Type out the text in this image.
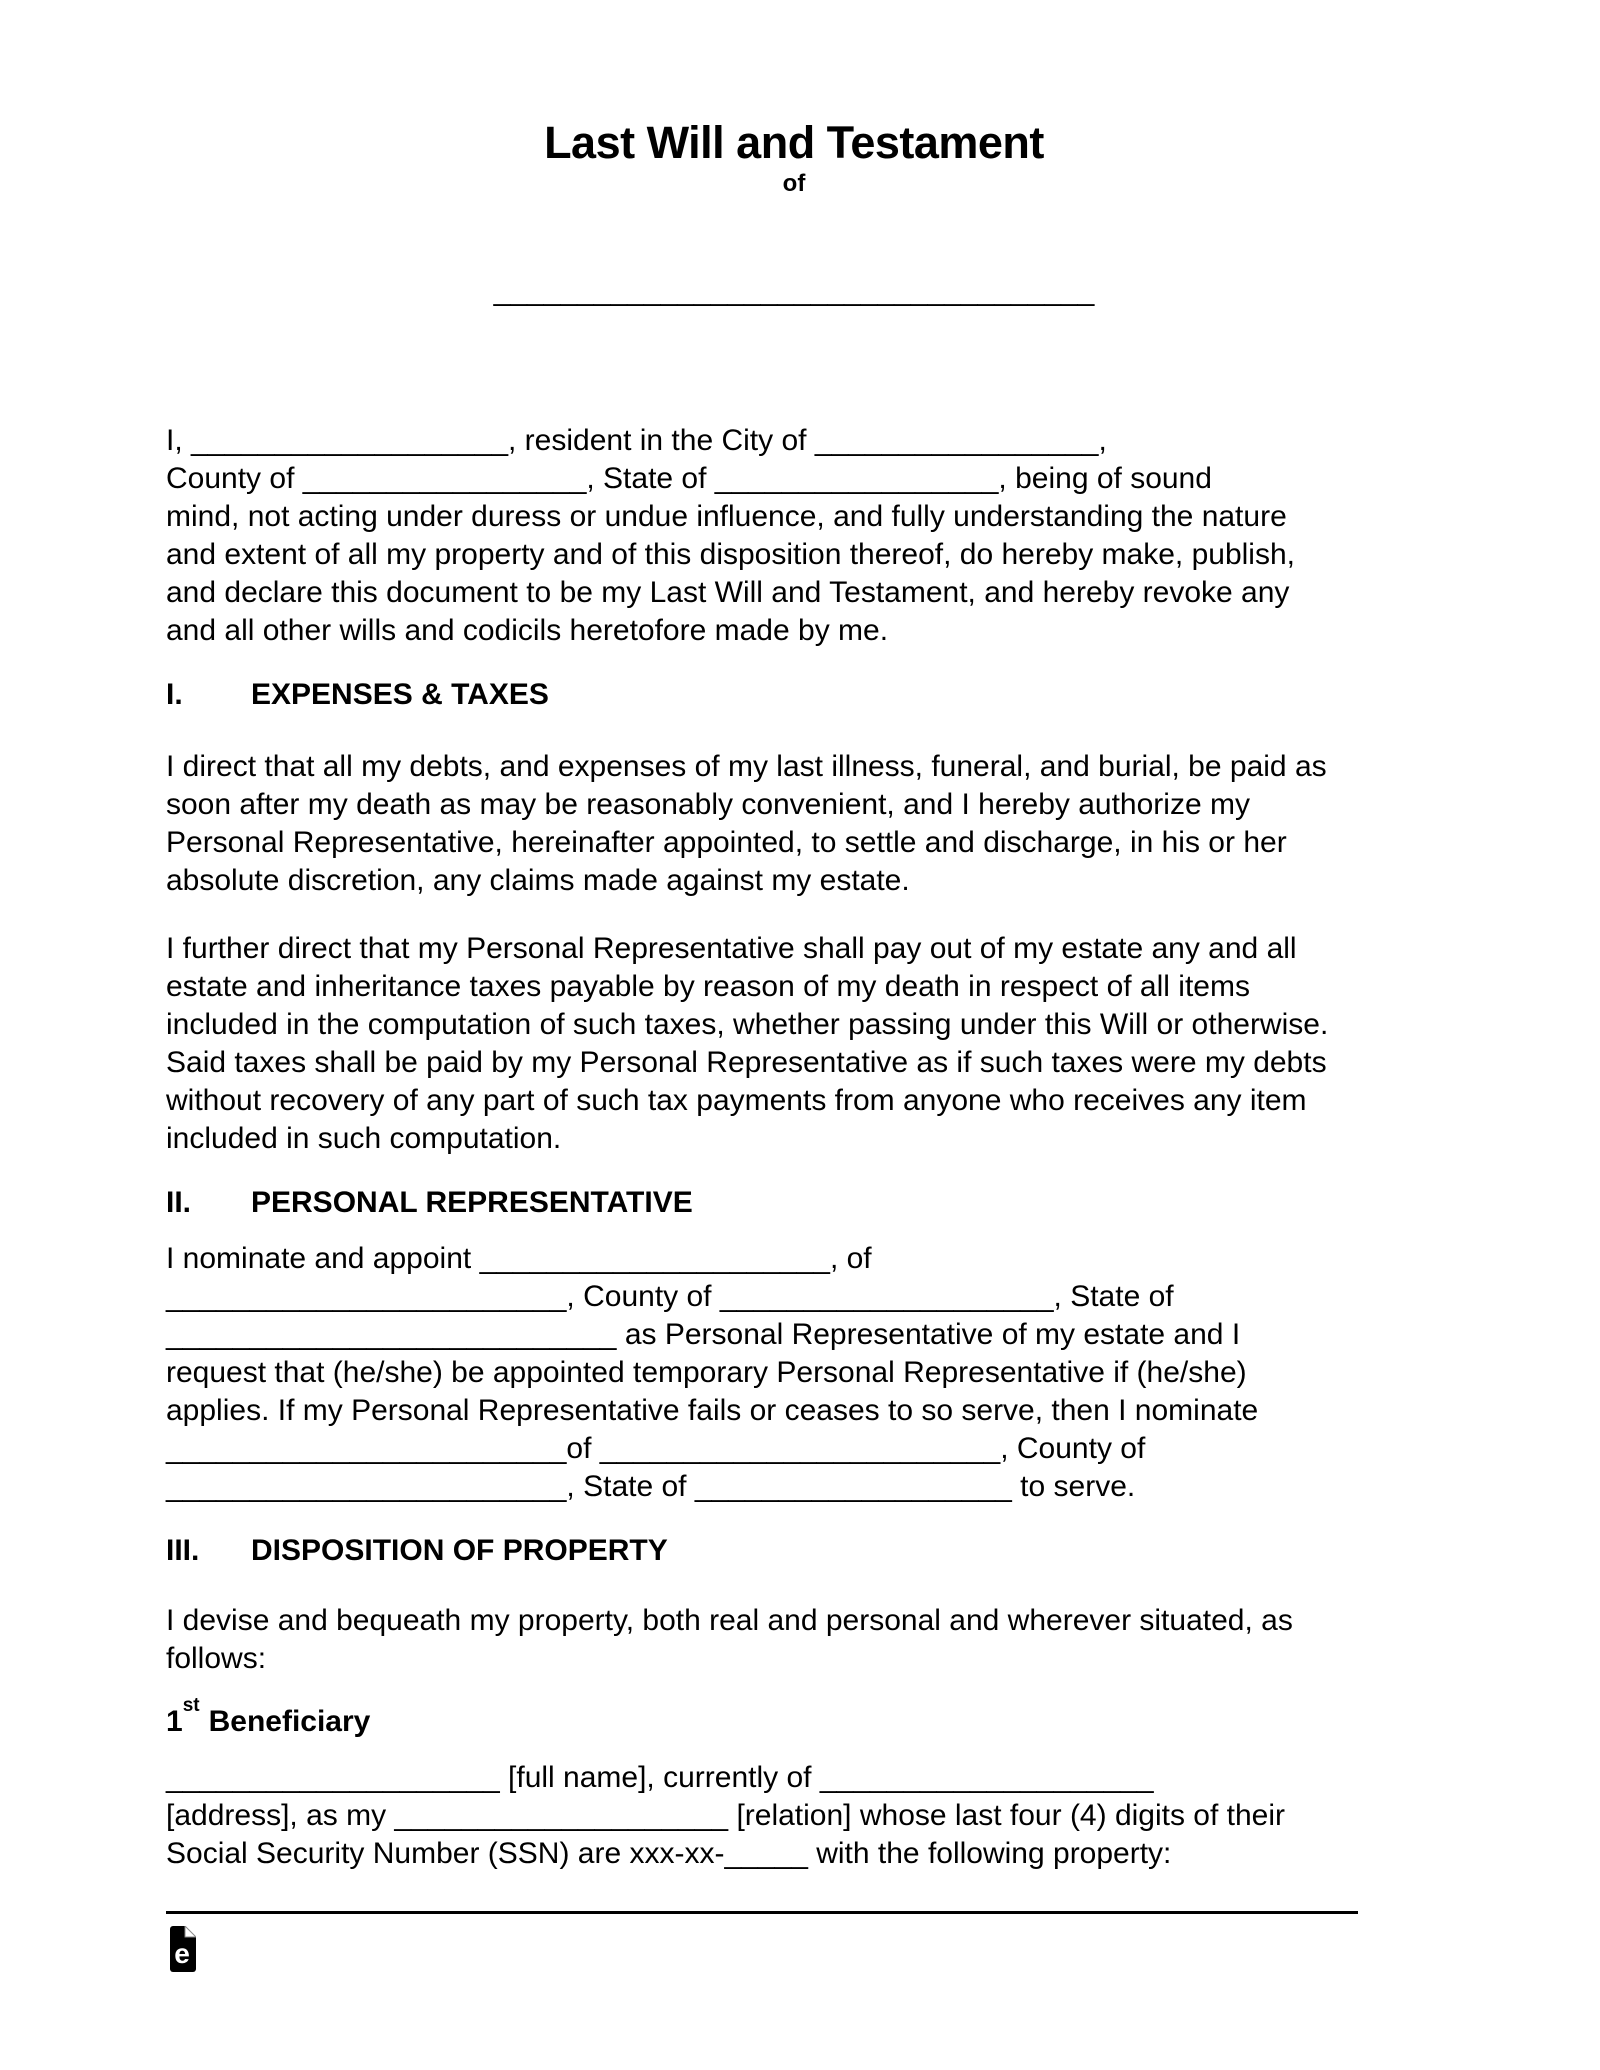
Last Will and Testament
of
____________________________________
I, ___________________, resident in the City of _________________,
County of _________________, State of _________________, being of sound
mind, not acting under duress or undue influence, and fully understanding the nature
and extent of all my property and of this disposition thereof, do hereby make, publish,
and declare this document to be my Last Will and Testament, and hereby revoke any
and all other wills and codicils heretofore made by me.
I. EXPENSES & TAXES
I direct that all my debts, and expenses of my last illness, funeral, and burial, be paid as
soon after my death as may be reasonably convenient, and I hereby authorize my
Personal Representative, hereinafter appointed, to settle and discharge, in his or her
absolute discretion, any claims made against my estate.
I further direct that my Personal Representative shall pay out of my estate any and all
estate and inheritance taxes payable by reason of my death in respect of all items
included in the computation of such taxes, whether passing under this Will or otherwise.
Said taxes shall be paid by my Personal Representative as if such taxes were my debts
without recovery of any part of such tax payments from anyone who receives any item
included in such computation.
II. PERSONAL REPRESENTATIVE
I nominate and appoint _____________________, of
________________________, County of ____________________, State of
___________________________ as Personal Representative of my estate and I
request that (he/she) be appointed temporary Personal Representative if (he/she)
applies. If my Personal Representative fails or ceases to so serve, then I nominate
________________________of ________________________, County of
________________________, State of ___________________ to serve.
III. DISPOSITION OF PROPERTY
I devise and bequeath my property, both real and personal and wherever situated, as
follows:
1st Beneficiary
____________________ [full name], currently of ____________________
[address], as my ____________________ [relation] whose last four (4) digits of their
Social Security Number (SSN) are xxx-xx-_____ with the following property:
e
